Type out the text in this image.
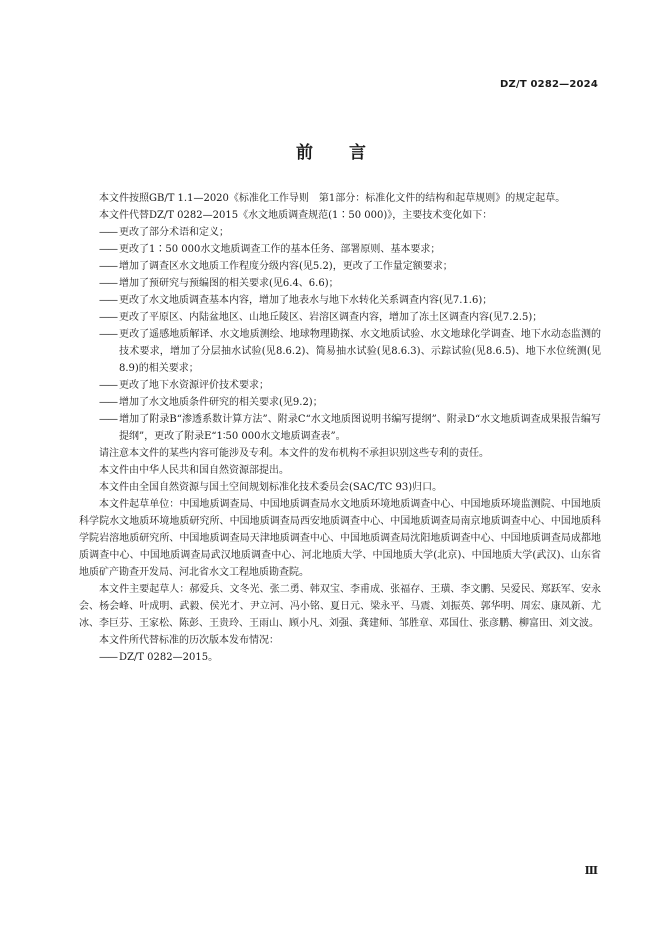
DZ/T 0282—2024
前言

本文件按照GB/T 1.1—2020《标准化工作导则　第1部分：标准化文件的结构和起草规则》的规定起草。

本文件代替DZ/T 0282—2015《水文地质调查规范(1∶50 000)》，主要技术变化如下：

—— 更改了部分术语和定义；

—— 更改了1∶50 000水文地质调查工作的基本任务、部署原则、基本要求；

—— 增加了调查区水文地质工作程度分级内容(见5.2)，更改了工作量定额要求；

—— 增加了预研究与预编图的相关要求(见6.4、6.6)；

—— 更改了水文地质调查基本内容，增加了地表水与地下水转化关系调查内容(见7.1.6)；

—— 更改了平原区、内陆盆地区、山地丘陵区、岩溶区调查内容，增加了冻土区调查内容(见7.2.5)；

—— 更改了遥感地质解译、水文地质测绘、地球物理勘探、水文地质试验、水文地球化学调查、地下水动态监测的技术要求，增加了分层抽水试验(见8.6.2)、简易抽水试验(见8.6.3)、示踪试验(见8.6.5)、地下水位统测(见8.9)的相关要求；

—— 更改了地下水资源评价技术要求；

—— 增加了水文地质条件研究的相关要求(见9.2)；

—— 增加了附录B“渗透系数计算方法”、附录C“水文地质图说明书编写提纲”、附录D“水文地质调查成果报告编写提纲”，更改了附录E“1∶50 000水文地质调查表”。

请注意本文件的某些内容可能涉及专利。本文件的发布机构不承担识别这些专利的责任。

本文件由中华人民共和国自然资源部提出。

本文件由全国自然资源与国土空间规划标准化技术委员会(SAC/TC 93)归口。

本文件起草单位：中国地质调查局、中国地质调查局水文地质环境地质调查中心、中国地质环境监测院、中国地质科学院水文地质环境地质研究所、中国地质调查局西安地质调查中心、中国地质调查局南京地质调查中心、中国地质科学院岩溶地质研究所、中国地质调查局天津地质调查中心、中国地质调查局沈阳地质调查中心、中国地质调查局成都地质调查中心、中国地质调查局武汉地质调查中心、河北地质大学、中国地质大学(北京)、中国地质大学(武汉)、山东省地质矿产勘查开发局、河北省水文工程地质勘查院。

本文件主要起草人：郝爱兵、文冬光、张二勇、韩双宝、李甫成、张福存、王璜、李文鹏、吴爱民、郑跃军、安永会、杨会峰、叶成明、武毅、侯光才、尹立河、冯小铭、夏日元、梁永平、马震、刘振英、郭华明、周宏、康凤新、尤冰、李巨芬、王家松、陈彭、王贵玲、王雨山、顾小凡、刘强、龚建师、邹胜章、邓国仕、张彦鹏、柳富田、刘文波。

本文件所代替标准的历次版本发布情况：

—— DZ/T 0282—2015。

Ⅲ
